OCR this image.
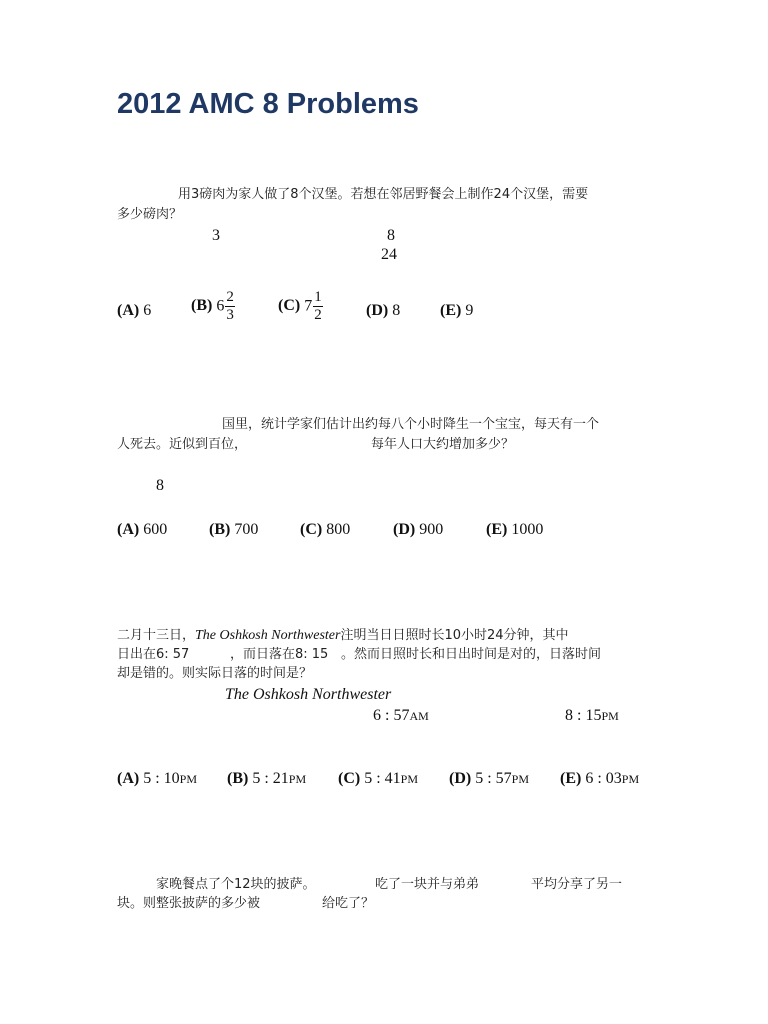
2012 AMC 8 Problems
用3磅肉为家人做了8个汉堡。若想在邻居野餐会上制作24个汉堡，需要
多少磅肉？
3	8
24
(A) 6 (B) $6 \frac{2}{3}$	(C) $7 \frac{1}{2}$	(D) 8 (E) 9
国里，统计学家们估计出约每八个小时降生一个宝宝，每天有一个
人死去。近似到百位，	每年人口大约增加多少？
8
(A) 600	(B) 700	(C) 800	(D) 900	(E) 1000
二月十三日，The Oshkosh Northwester注明当日日照时长10小时24分钟，其中
日出在6: 57	，而日落在8: 15 。然而日照时长和日出时间是对的，日落时间
却是错的。则实际日落的时间是？
The Oshkosh Northwester
6 : 57AM	8 : 15PM
(A) 5 : 10PM (B) 5 : 21PM (C) 5 : 41PM (D) 5 : 57PM (E) 6 : 03PM
家晚餐点了个12块的披萨。	吃了一块并与弟弟	平均分享了另一
块。则整张披萨的多少被	给吃了？
